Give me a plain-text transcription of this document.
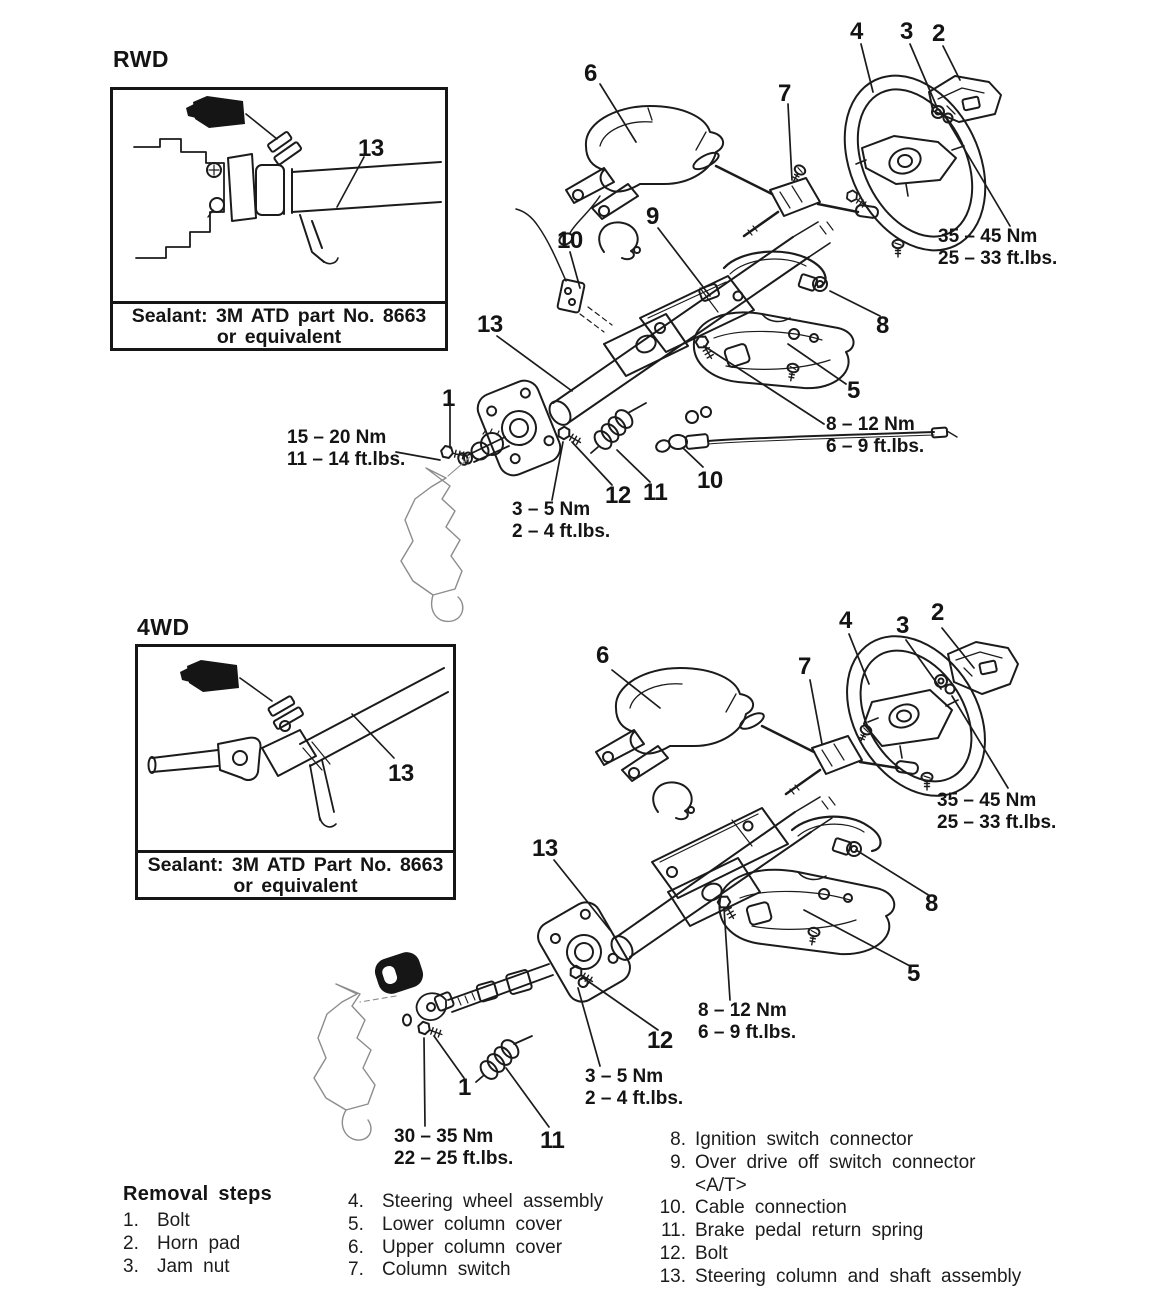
RWD
Sealant: 3M ATD part No. 8663
or equivalent
13
6
7
4 3 2
9
10
8
13
5
1
12 11 10
35 – 45 Nm
25 – 33 ft.lbs.
8 – 12 Nm
6 – 9 ft.lbs.
15 – 20 Nm
11 – 14 ft.lbs.
3 – 5 Nm
2 – 4 ft.lbs.
4WD
Sealant: 3M ATD Part No. 8663
or equivalent
13
4 3 2
6	7
8
13
5
12
1
11
35 – 45 Nm
25 – 33 ft.lbs.
8 – 12 Nm
6 – 9 ft.lbs.
3 – 5 Nm
2 – 4 ft.lbs.
30 – 35 Nm
22 – 25 ft.lbs.
Removal steps
1. Bolt
2. Horn pad
3. Jam nut
4. Steering wheel assembly
5. Lower column cover
6. Upper column cover
7. Column switch
8. Ignition switch connector
9. Over drive off switch connector
<A/T>
10. Cable connection
11. Brake pedal return spring
12. Bolt
13. Steering column and shaft assembly
